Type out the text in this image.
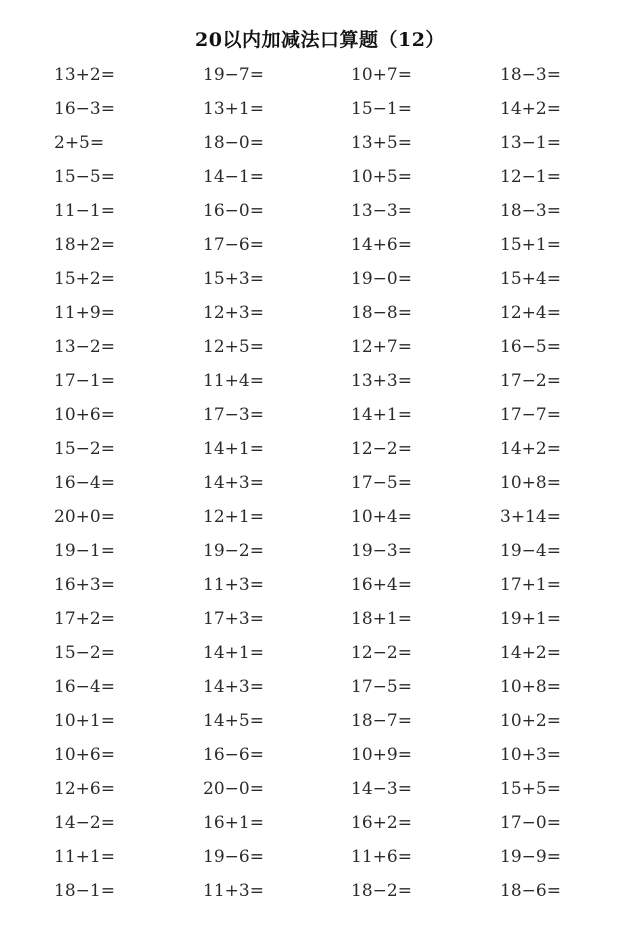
20以内加减法口算题（12）
13+2=	19−7=	10+7=	18−3=
16−3=	13+1=	15−1=	14+2=
2+5=	18−0=	13+5=	13−1=
15−5=	14−1=	10+5=	12−1=
11−1=	16−0=	13−3=	18−3=
18+2=	17−6=	14+6=	15+1=
15+2=	15+3=	19−0=	15+4=
11+9=	12+3=	18−8=	12+4=
13−2=	12+5=	12+7=	16−5=
17−1=	11+4=	13+3=	17−2=
10+6=	17−3=	14+1=	17−7=
15−2=	14+1=	12−2=	14+2=
16−4=	14+3=	17−5=	10+8=
20+0=	12+1=	10+4=	3+14=
19−1=	19−2=	19−3=	19−4=
16+3=	11+3=	16+4=	17+1=
17+2=	17+3=	18+1=	19+1=
15−2=	14+1=	12−2=	14+2=
16−4=	14+3=	17−5=	10+8=
10+1=	14+5=	18−7=	10+2=
10+6=	16−6=	10+9=	10+3=
12+6=	20−0=	14−3=	15+5=
14−2=	16+1=	16+2=	17−0=
11+1=	19−6=	11+6=	19−9=
18−1=	11+3=	18−2=	18−6=
